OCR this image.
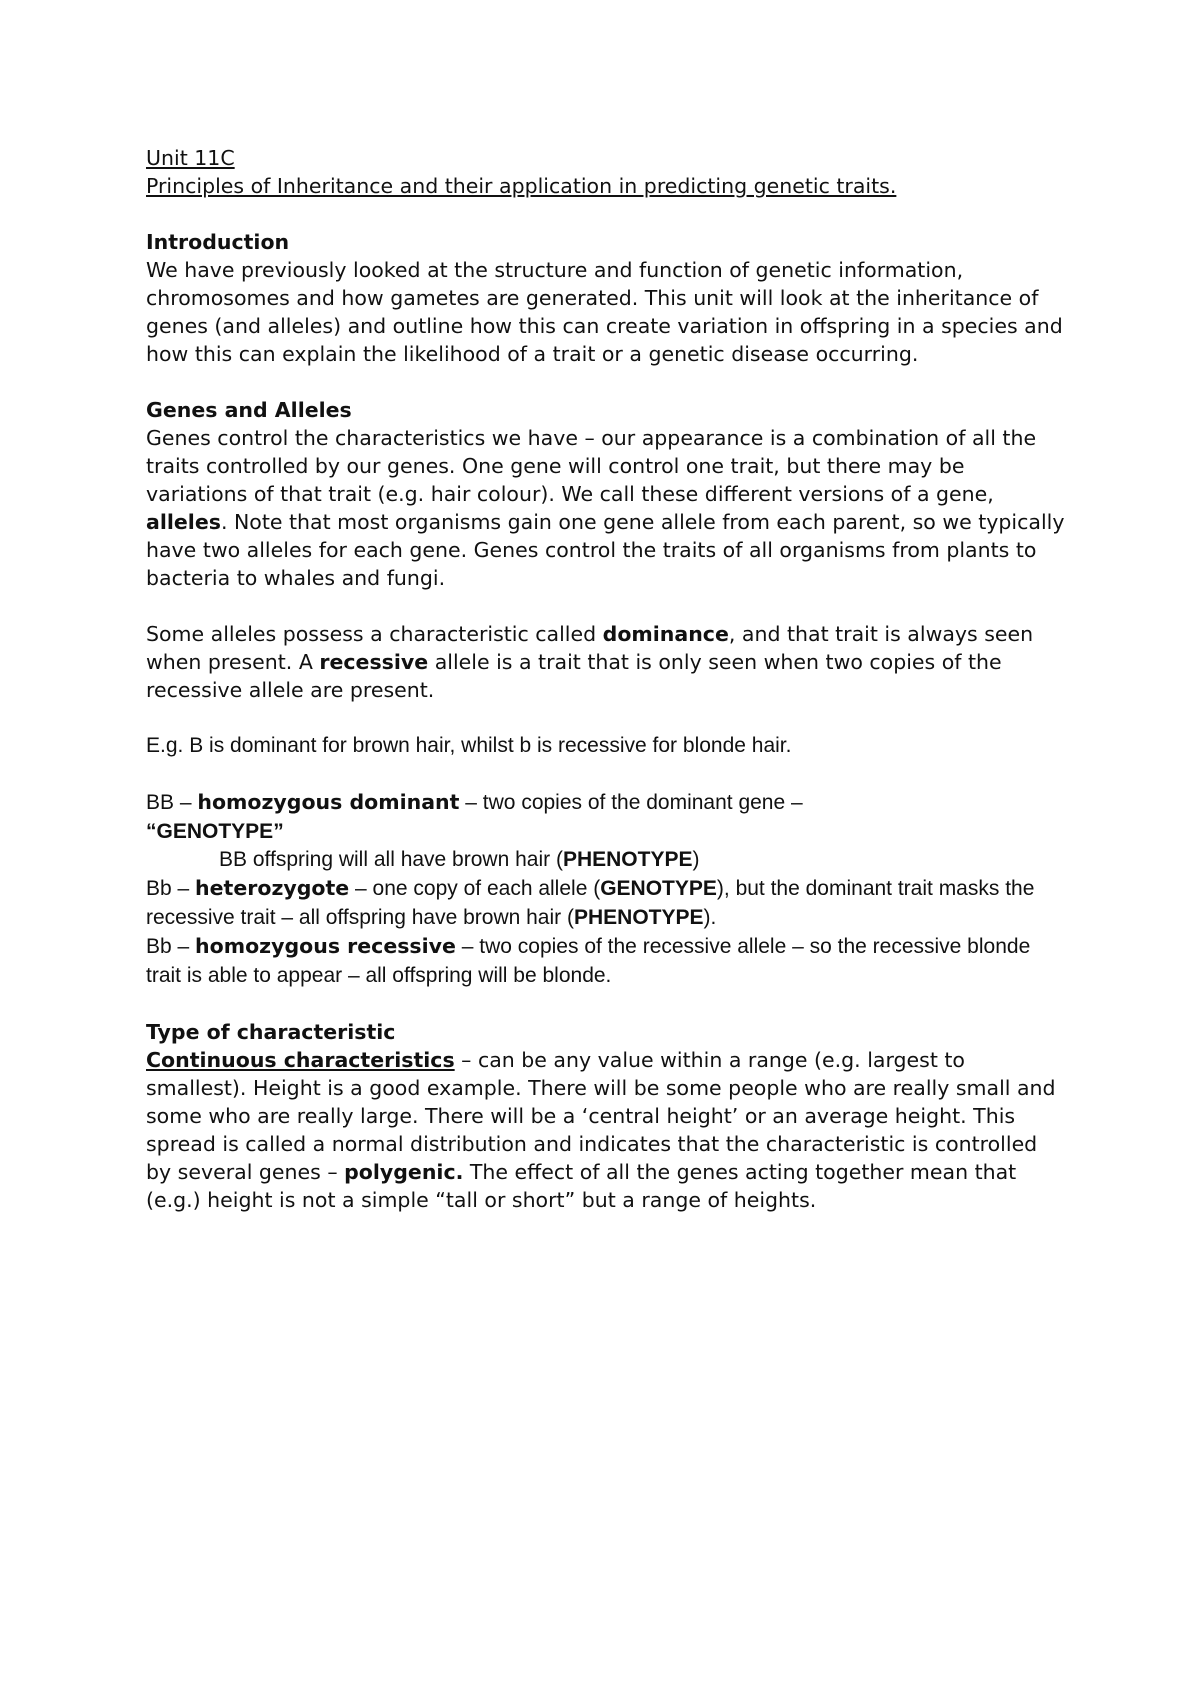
Unit 11C

Principles of Inheritance and their application in predicting genetic traits.

Introduction

We have previously looked at the structure and function of genetic information, chromosomes and how gametes are generated. This unit will look at the inheritance of genes (and alleles) and outline how this can create variation in offspring in a species and how this can explain the likelihood of a trait or a genetic disease occurring.

Genes and Alleles

Genes control the characteristics we have – our appearance is a combination of all the traits controlled by our genes. One gene will control one trait, but there may be variations of that trait (e.g. hair colour). We call these different versions of a gene, alleles. Note that most organisms gain one gene allele from each parent, so we typically have two alleles for each gene. Genes control the traits of all organisms from plants to bacteria to whales and fungi.

Some alleles possess a characteristic called dominance, and that trait is always seen when present. A recessive allele is a trait that is only seen when two copies of the recessive allele are present.

E.g. B is dominant for brown hair, whilst b is recessive for blonde hair.

BB – homozygous dominant – two copies of the dominant gene –
“GENOTYPE”

BB offspring will all have brown hair (PHENOTYPE)

Bb – heterozygote – one copy of each allele (GENOTYPE), but the dominant trait masks the recessive trait – all offspring have brown hair (PHENOTYPE).

Bb – homozygous recessive – two copies of the recessive allele – so the recessive blonde trait is able to appear – all offspring will be blonde.

Type of characteristic

Continuous characteristics – can be any value within a range (e.g. largest to smallest). Height is a good example. There will be some people who are really small and some who are really large. There will be a ‘central height’ or an average height. This spread is called a normal distribution and indicates that the characteristic is controlled by several genes – polygenic. The effect of all the genes acting together mean that (e.g.) height is not a simple “tall or short” but a range of heights.
